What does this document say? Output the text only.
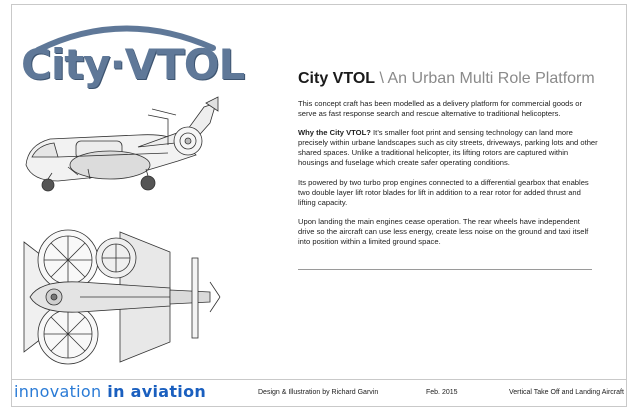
City·VTOL	City VTOL \ An Urban Multi Role Platform

This concept craft has been modelled as a delivery platform for commercial goods or serve as fast response search and rescue alternative to traditional helicopters.

Why the City VTOL? It’s smaller foot print and sensing technology can land more precisely within urbane landscapes such as city streets, driveways, parking lots and other shared spaces. Unlike a traditional helicopter, its lifting rotors are captured within housings and fuselage which create safer operating conditions.

Its powered by two turbo prop engines connected to a differential gearbox that enables two double layer lift rotor blades for lift in addition to a rear rotor for added thrust and lifting capacity.

Upon landing the main engines cease operation. The rear wheels have independent drive so the aircraft can use less energy, create less noise on the ground and taxi itself into position within a limited ground space.

innovation in aviation	Design & Illustration by Richard Garvin	Feb. 2015	Vertical Take Off and Landing Aircraft
